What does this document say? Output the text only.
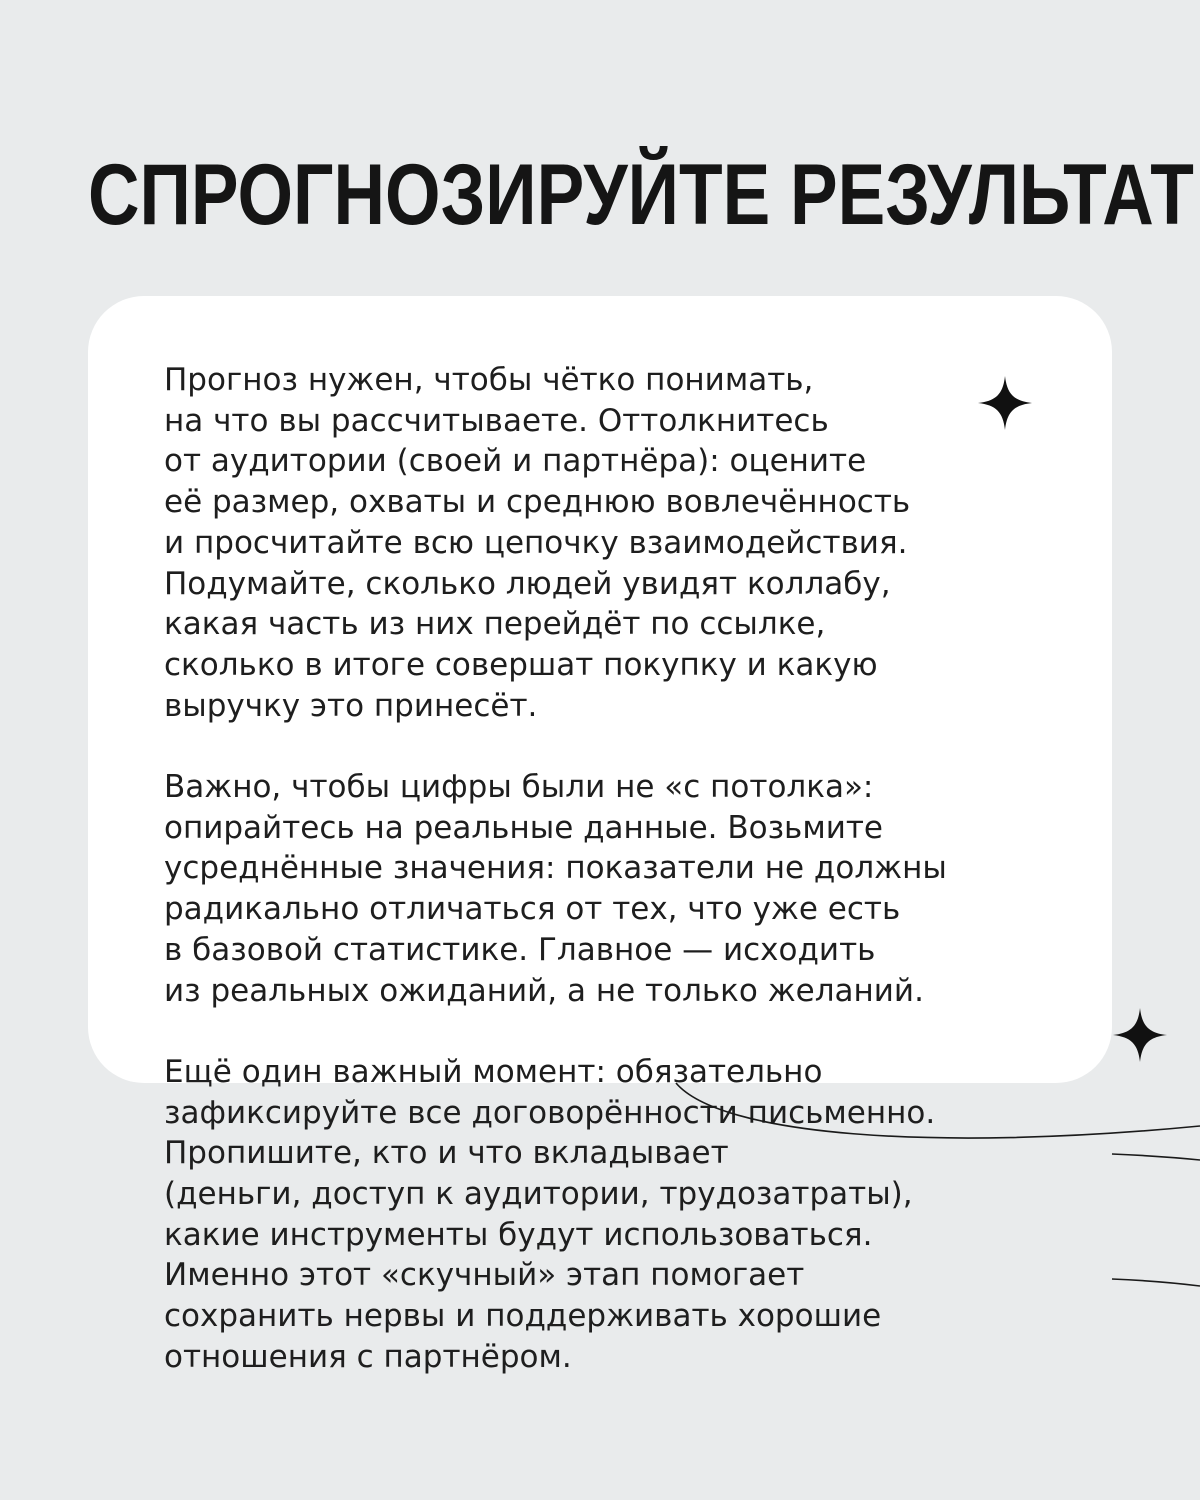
СПРОГНОЗИРУЙТЕ РЕЗУЛЬТАТ

Прогноз нужен, чтобы чётко понимать,
на что вы рассчитываете. Оттолкнитесь
от аудитории (своей и партнёра): оцените
её размер, охваты и среднюю вовлечённость
и просчитайте всю цепочку взаимодействия.
Подумайте, сколько людей увидят коллабу,
какая часть из них перейдёт по ссылке,
сколько в итоге совершат покупку и какую
выручку это принесёт.

Важно, чтобы цифры были не «с потолка»:
опирайтесь на реальные данные. Возьмите
усреднённые значения: показатели не должны
радикально отличаться от тех, что уже есть
в базовой статистике. Главное — исходить
из реальных ожиданий, а не только желаний.

Ещё один важный момент: обязательно
зафиксируйте все договорённости письменно.
Пропишите, кто и что вкладывает
(деньги, доступ к аудитории, трудозатраты),
какие инструменты будут использоваться.
Именно этот «скучный» этап помогает
сохранить нервы и поддерживать хорошие
отношения с партнёром.
